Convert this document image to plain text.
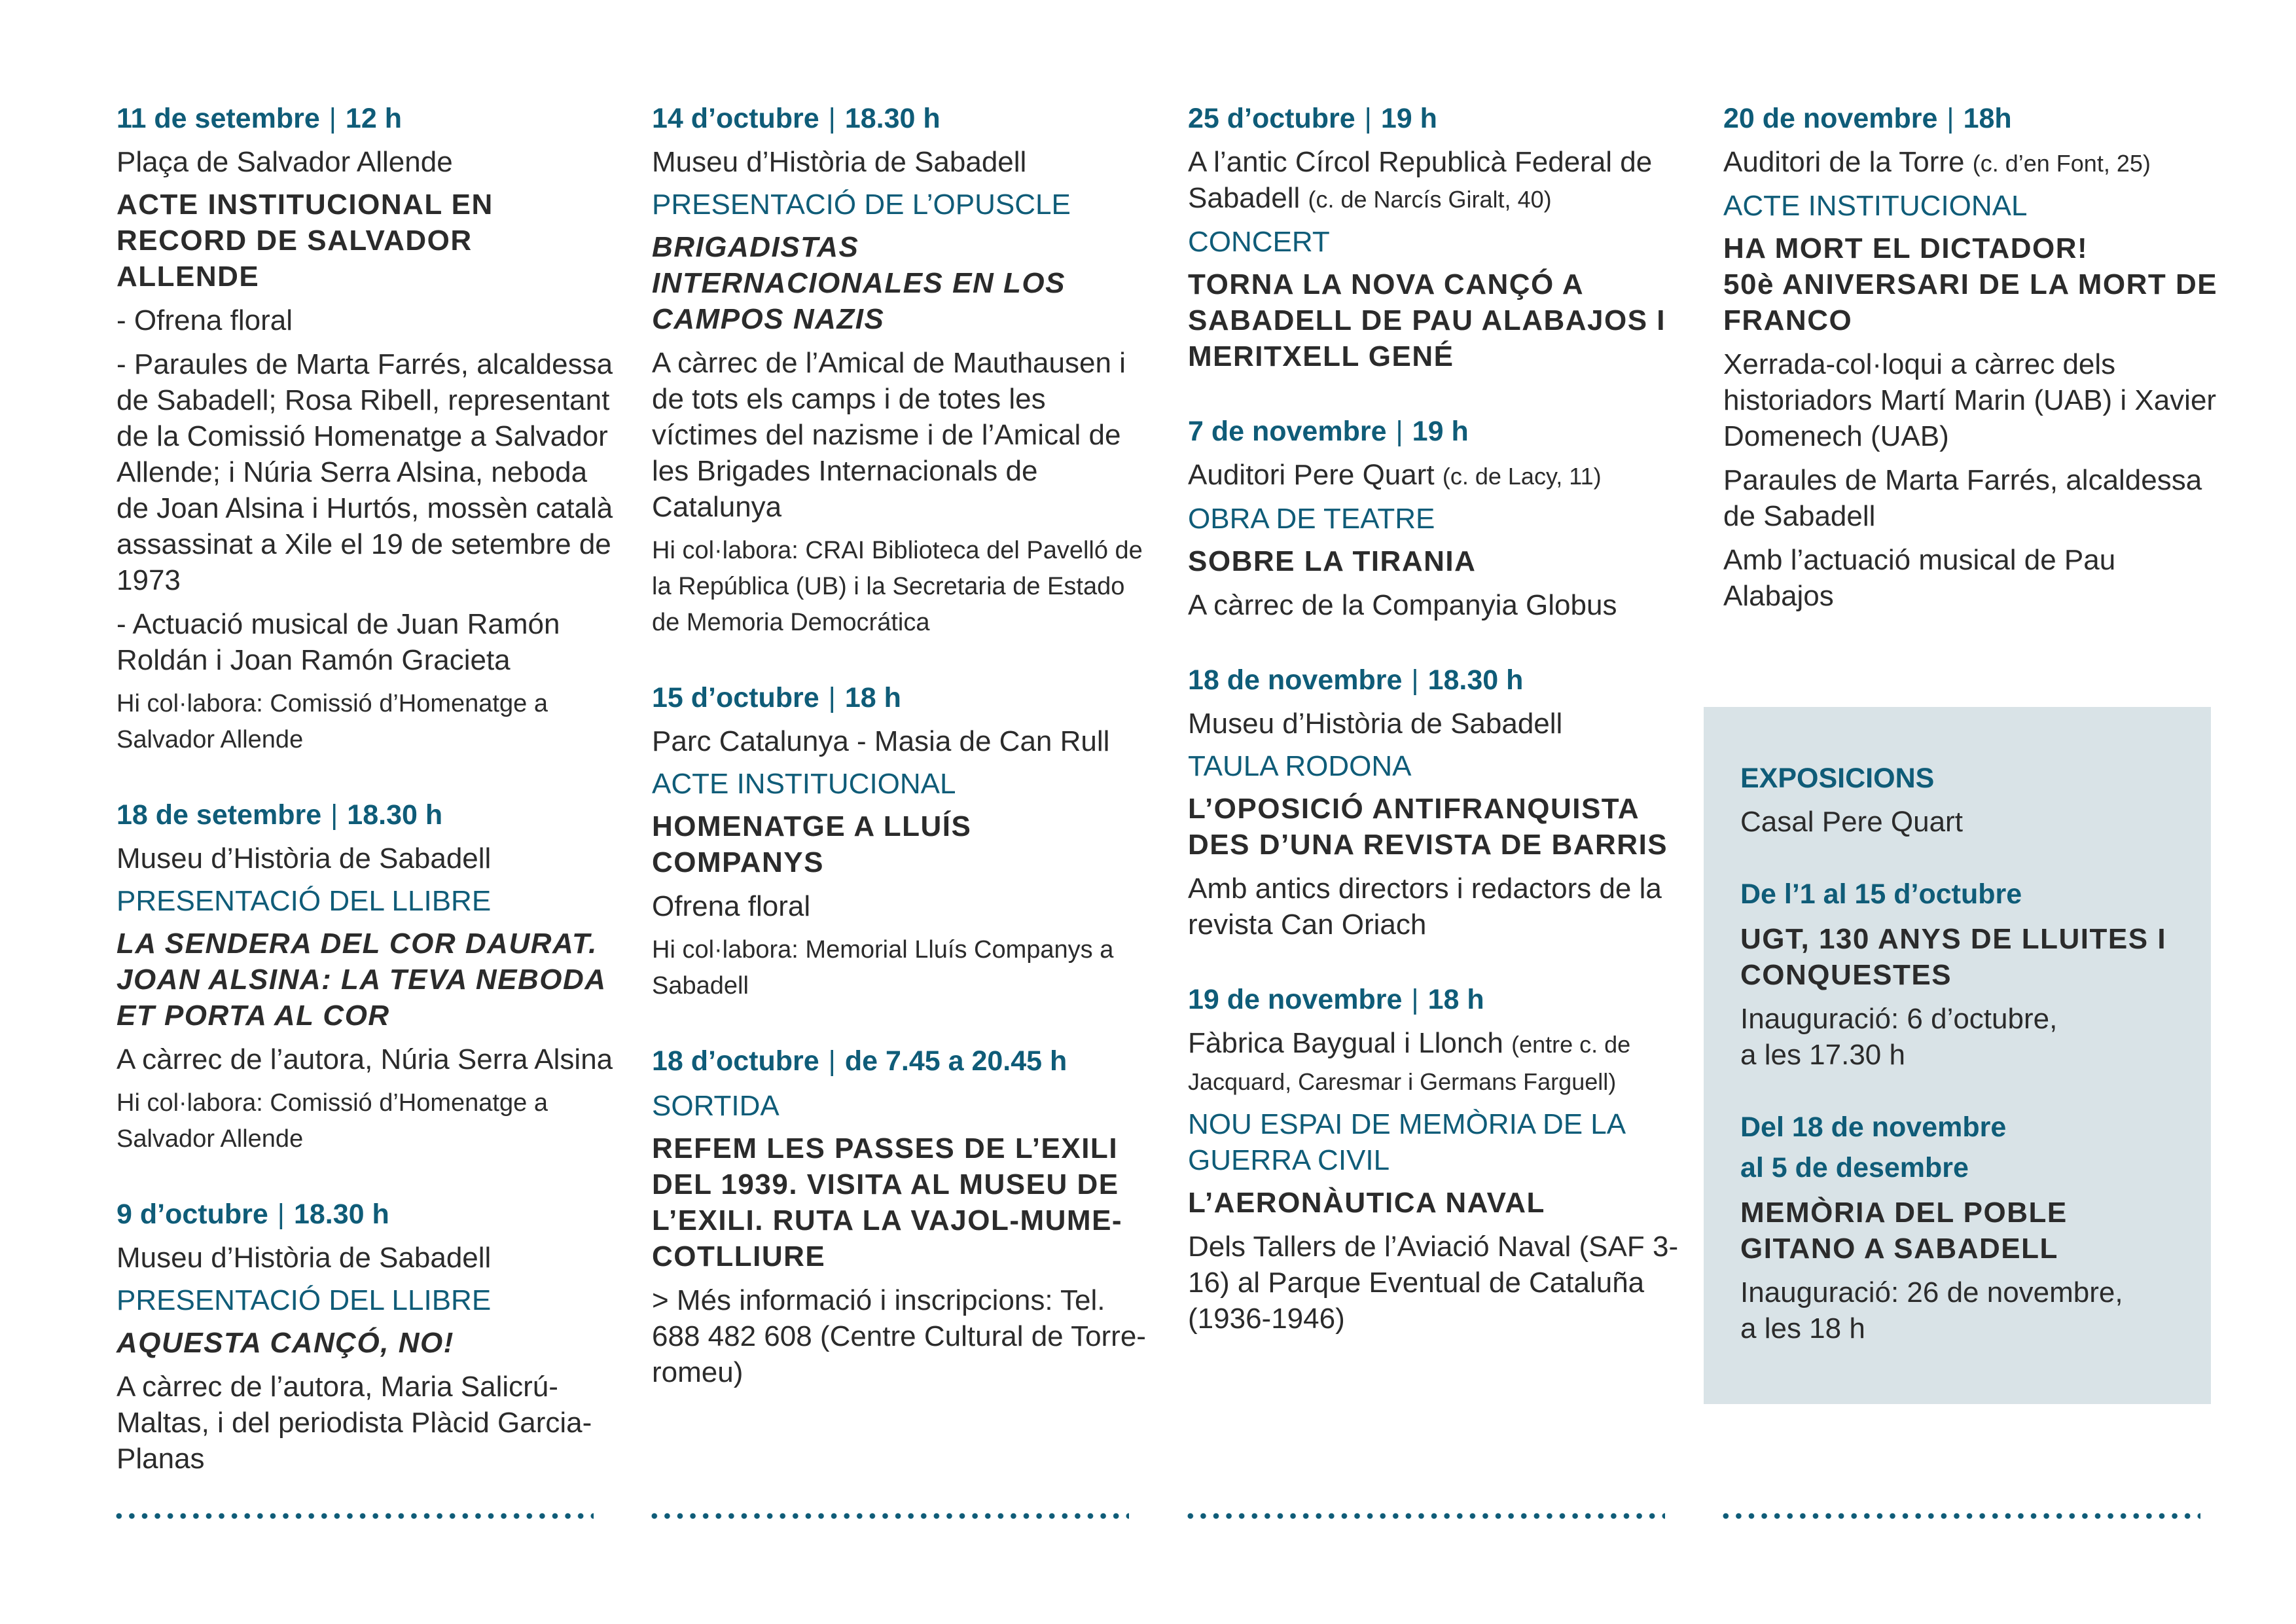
11 de setembre | 12 h

Plaça de Salvador Allende

ACTE INSTITUCIONAL EN RECORD DE SALVADOR ALLENDE

- Ofrena floral

- Paraules de Marta Farrés, alcaldessa de Sabadell; Rosa Ribell, representant de la Comissió Homenatge a Salvador Allende; i Núria Serra Alsina, neboda de Joan Alsina i Hurtós, mossèn català assassinat a Xile el 19 de setembre de 1973

- Actuació musical de Juan Ramón Roldán i Joan Ramón Gracieta

Hi col·labora: Comissió d’Homenatge a Salvador Allende

18 de setembre | 18.30 h

Museu d’Història de Sabadell

PRESENTACIÓ DEL LLIBRE

LA SENDERA DEL COR DAURAT. JOAN ALSINA: LA TEVA NEBODA ET PORTA AL COR

A càrrec de l’autora, Núria Serra Alsina

Hi col·labora: Comissió d’Homenatge a Salvador Allende

9 d’octubre | 18.30 h

Museu d’Història de Sabadell

PRESENTACIÓ DEL LLIBRE

AQUESTA CANÇÓ, NO!

A càrrec de l’autora, Maria Salicrú-Maltas, i del periodista Plàcid Garcia-Planas

14 d’octubre | 18.30 h

Museu d’Història de Sabadell

PRESENTACIÓ DE L’OPUSCLE

BRIGADISTAS INTERNACIONALES EN LOS CAMPOS NAZIS

A càrrec de l’Amical de Mauthausen i de tots els camps i de totes les víctimes del nazisme i de l’Amical de les Brigades Internacionals de Catalunya

Hi col·labora: CRAI Biblioteca del Pavelló de la República (UB) i la Secretaria de Estado de Memoria Democrática

15 d’octubre | 18 h

Parc Catalunya - Masia de Can Rull

ACTE INSTITUCIONAL

HOMENATGE A LLUÍS COMPANYS

Ofrena floral

Hi col·labora: Memorial Lluís Companys a Sabadell

18 d’octubre | de 7.45 a 20.45 h

SORTIDA

REFEM LES PASSES DE L’EXILI DEL 1939. VISITA AL MUSEU DE L’EXILI. RUTA LA VAJOL-MUME-COTLLIURE

> Més informació i inscripcions: Tel. 688 482 608 (Centre Cultural de Torre-romeu)

25 d’octubre | 19 h

A l’antic Círcol Republicà Federal de Sabadell (c. de Narcís Giralt, 40)

CONCERT

TORNA LA NOVA CANÇÓ A SABADELL DE PAU ALABAJOS I MERITXELL GENÉ

7 de novembre | 19 h

Auditori Pere Quart (c. de Lacy, 11)

OBRA DE TEATRE

SOBRE LA TIRANIA

A càrrec de la Companyia Globus

18 de novembre | 18.30 h

Museu d’Història de Sabadell

TAULA RODONA

L’OPOSICIÓ ANTIFRANQUISTA DES D’UNA REVISTA DE BARRIS

Amb antics directors i redactors de la revista Can Oriach

19 de novembre | 18 h

Fàbrica Baygual i Llonch (entre c. de Jacquard, Caresmar i Germans Farguell)

NOU ESPAI DE MEMÒRIA DE LA GUERRA CIVIL

L’AERONÀUTICA NAVAL

Dels Tallers de l’Aviació Naval (SAF 3-16) al Parque Eventual de Cataluña (1936-1946)

20 de novembre | 18h

Auditori de la Torre (c. d’en Font, 25)

ACTE INSTITUCIONAL

HA MORT EL DICTADOR!
50è ANIVERSARI DE LA MORT DE FRANCO

Xerrada-col·loqui a càrrec dels historiadors Martí Marin (UAB) i Xavier Domenech (UAB)

Paraules de Marta Farrés, alcaldessa de Sabadell

Amb l’actuació musical de Pau Alabajos

EXPOSICIONS

Casal Pere Quart

De l’1 al 15 d’octubre

UGT, 130 ANYS DE LLUITES I CONQUESTES

Inauguració: 6 d’octubre,
a les 17.30 h

Del 18 de novembre
al 5 de desembre

MEMÒRIA DEL POBLE GITANO A SABADELL

Inauguració: 26 de novembre,
a les 18 h
